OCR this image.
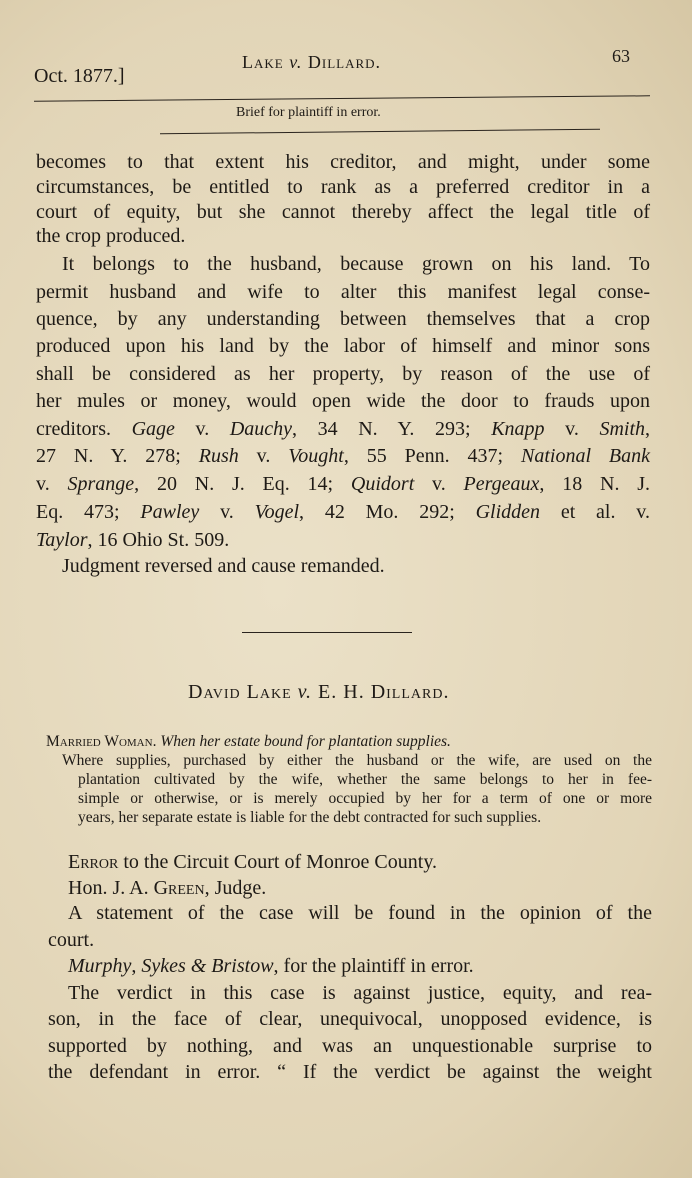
Oct. 1877.]
Lake v. Dillard.	63
Brief for plaintiff in error.
becomes to that extent his creditor, and might, under some
circumstances, be entitled to rank as a preferred creditor in a
court of equity, but she cannot thereby affect the legal title of
the crop produced.
It belongs to the husband, because grown on his land. To
permit husband and wife to alter this manifest legal conse-
quence, by any understanding between themselves that a crop
produced upon his land by the labor of himself and minor sons
shall be considered as her property, by reason of the use of
her mules or money, would open wide the door to frauds upon
creditors. Gage v. Dauchy, 34 N. Y. 293; Knapp v. Smith,
27 N. Y. 278; Rush v. Vought, 55 Penn. 437; National Bank
v. Sprange, 20 N. J. Eq. 14; Quidort v. Pergeaux, 18 N. J.
Eq. 473; Pawley v. Vogel, 42 Mo. 292; Glidden et al. v.
Taylor, 16 Ohio St. 509.
Judgment reversed and cause remanded.
Married Woman. When her estate bound for plantation supplies.
Where supplies, purchased by either the husband or the wife, are used on the
plantation cultivated by the wife, whether the same belongs to her in fee-
simple or otherwise, or is merely occupied by her for a term of one or more
years, her separate estate is liable for the debt contracted for such supplies.
Error to the Circuit Court of Monroe County.
Hon. J. A. Green, Judge.
A statement of the case will be found in the opinion of the
court.
Murphy, Sykes & Bristow, for the plaintiff in error.
The verdict in this case is against justice, equity, and rea-
son, in the face of clear, unequivocal, unopposed evidence, is
supported by nothing, and was an unquestionable surprise to
the defendant in error. “ If the verdict be against the weight
David Lake v. E. H. Dillard.
